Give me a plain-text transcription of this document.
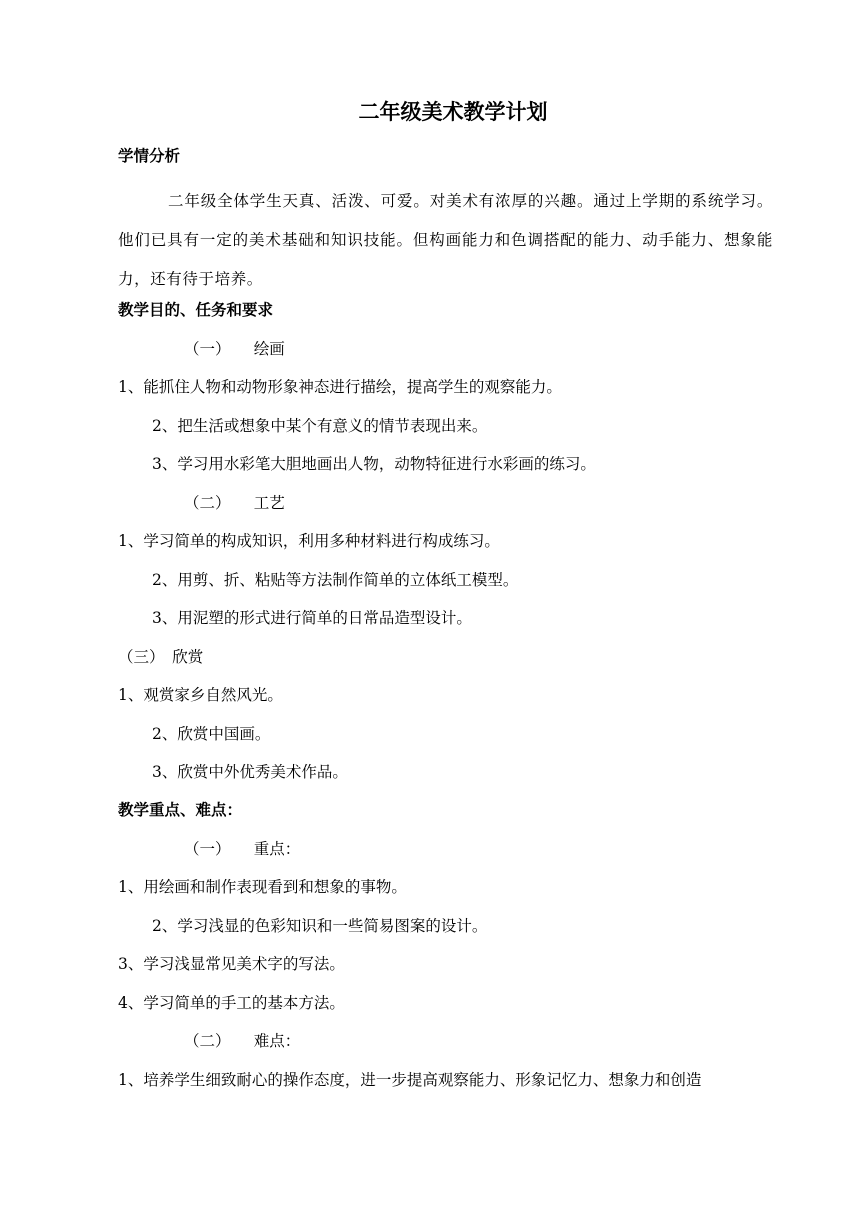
二年级美术教学计划
学情分析
二年级全体学生天真、活泼、可爱。对美术有浓厚的兴趣。通过上学期的系统学习。他们已具有一定的美术基础和知识技能。但构画能力和色调搭配的能力、动手能力、想象能力，还有待于培养。
教学目的、任务和要求
（一）　　绘画
1、能抓住人物和动物形象神态进行描绘，提高学生的观察能力。
2、把生活或想象中某个有意义的情节表现出来。
3、学习用水彩笔大胆地画出人物，动物特征进行水彩画的练习。
（二）　　工艺
1、学习简单的构成知识，利用多种材料进行构成练习。
2、用剪、折、粘贴等方法制作简单的立体纸工模型。
3、用泥塑的形式进行简单的日常品造型设计。
（三）　欣赏
1、观赏家乡自然风光。
2、欣赏中国画。
3、欣赏中外优秀美术作品。
教学重点、难点：
（一）　　重点：
1、用绘画和制作表现看到和想象的事物。
2、学习浅显的色彩知识和一些简易图案的设计。
3、学习浅显常见美术字的写法。
4、学习简单的手工的基本方法。
（二）　　难点：
1、培养学生细致耐心的操作态度，进一步提高观察能力、形象记忆力、想象力和创造
